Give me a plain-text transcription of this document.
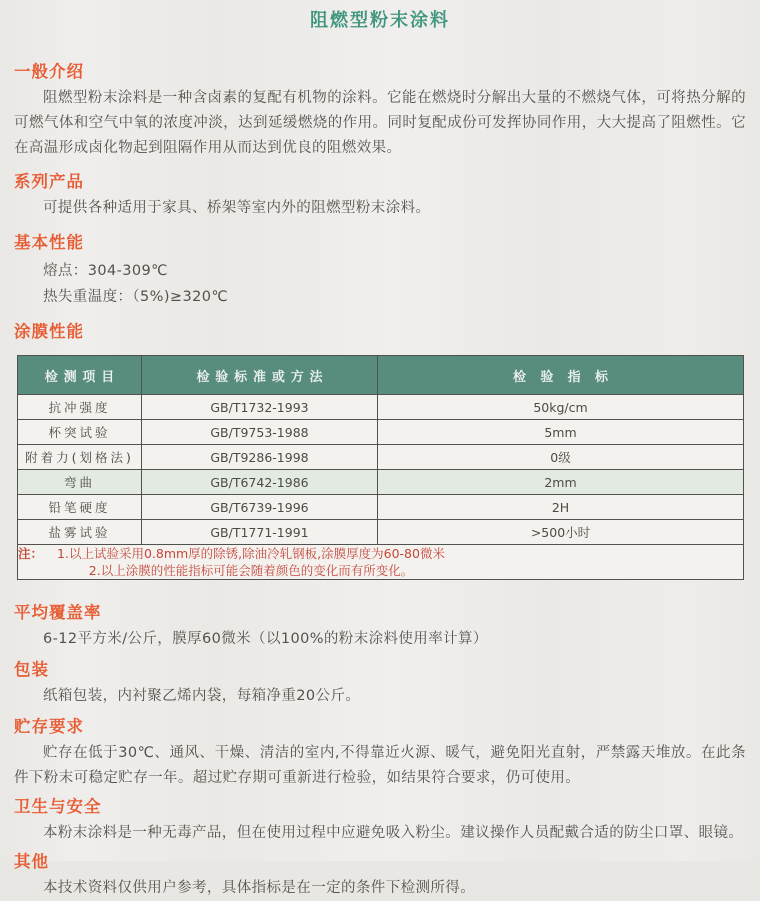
阻燃型粉末涂料
一般介绍

阻燃型粉末涂料是一种含卤素的复配有机物的涂料。它能在燃烧时分解出大量的不燃烧气体，可将热分解的可燃气体和空气中氧的浓度冲淡，达到延缓燃烧的作用。同时复配成份可发挥协同作用，大大提高了阻燃性。它在高温形成卤化物起到阻隔作用从而达到优良的阻燃效果。

系列产品

可提供各种适用于家具、桥架等室内外的阻燃型粉末涂料。

基本性能

熔点：304-309℃

热失重温度：（5%)≥320℃

涂膜性能
检测项目	检验标准或方法	检验指标
抗冲强度	GB/T1732-1993	50kg/cm
杯突试验	GB/T9753-1988	5mm
附着力(划格法)	GB/T9286-1998	0级
弯曲	GB/T6742-1986	2mm
铅笔硬度	GB/T6739-1996	2H
盐雾试验	GB/T1771-1991	>500小时

注： 1.以上试验采用0.8mm厚的除锈,除油冷轧钢板,涂膜厚度为60-80微米
2.以上涂膜的性能指标可能会随着颜色的变化而有所变化。		
平均覆盖率

6-12平方米/公斤，膜厚60微米（以100%的粉末涂料使用率计算）

包装

纸箱包装，内衬聚乙烯内袋，每箱净重20公斤。

贮存要求

贮存在低于30℃、通风、干燥、清洁的室内,不得靠近火源、暖气，避免阳光直射，严禁露天堆放。在此条件下粉末可稳定贮存一年。超过贮存期可重新进行检验，如结果符合要求，仍可使用。

卫生与安全

本粉末涂料是一种无毒产品，但在使用过程中应避免吸入粉尘。建议操作人员配戴合适的防尘口罩、眼镜。

其他

本技术资料仅供用户参考，具体指标是在一定的条件下检测所得。
